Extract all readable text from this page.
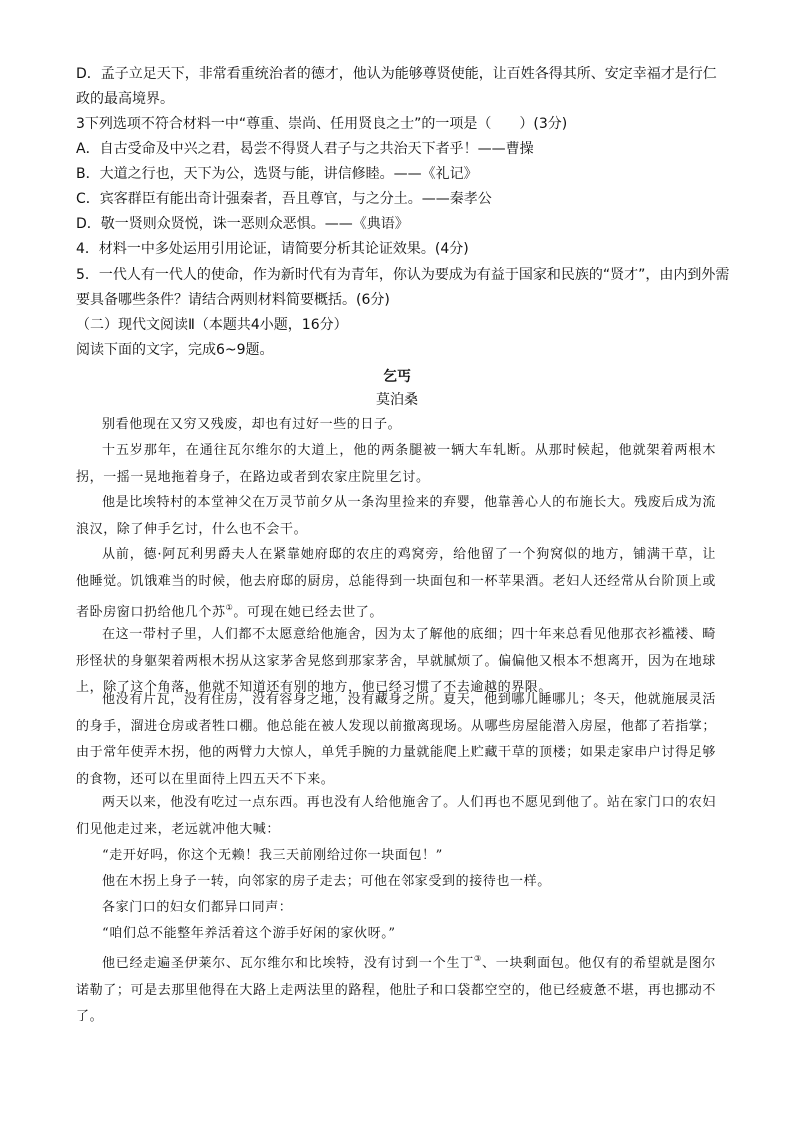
D．孟子立足天下，非常看重统治者的德才，他认为能够尊贤使能，让百姓各得其所、安定幸福才是行仁
政的最高境界。
3下列选项不符合材料一中“尊重、崇尚、任用贤良之士”的一项是（　　）(3分)
A．自古受命及中兴之君，曷尝不得贤人君子与之共治天下者乎！——曹操
B．大道之行也，天下为公，选贤与能，讲信修睦。——《礼记》
C．宾客群臣有能出奇计强秦者，吾且尊官，与之分土。——秦孝公
D．敬一贤则众贤悦，诛一恶则众恶惧。——《典语》
4．材料一中多处运用引用论证，请简要分析其论证效果。(4分)
5．一代人有一代人的使命，作为新时代有为青年，你认为要成为有益于国家和民族的“贤才”，由内到外需
要具备哪些条件？请结合两则材料简要概括。(6分)
（二）现代文阅读Ⅱ（本题共4小题，16分）
阅读下面的文字，完成6~9题。
乞丐
莫泊桑
别看他现在又穷又残废，却也有过好一些的日子。
十五岁那年，在通往瓦尔维尔的大道上，他的两条腿被一辆大车轧断。从那时候起，他就架着两根木拐，一摇一晃地拖着身子，在路边或者到农家庄院里乞讨。
他是比埃特村的本堂神父在万灵节前夕从一条沟里捡来的弃婴，他靠善心人的布施长大。残废后成为流浪汉，除了伸手乞讨，什么也不会干。
从前，德·阿瓦利男爵夫人在紧靠她府邸的农庄的鸡窝旁，给他留了一个狗窝似的地方，铺满干草，让他睡觉。饥饿难当的时候，他去府邸的厨房，总能得到一块面包和一杯苹果酒。老妇人还经常从台阶顶上或者卧房窗口扔给他几个苏①。可现在她已经去世了。
在这一带村子里，人们都不太愿意给他施舍，因为太了解他的底细；四十年来总看见他那衣衫褴褛、畸形怪状的身躯架着两根木拐从这家茅舍晃悠到那家茅舍，早就腻烦了。偏偏他又根本不想离开，因为在地球上，除了这个角落，他就不知道还有别的地方，他已经习惯了不去逾越的界限。
他没有片瓦，没有住房，没有容身之地，没有藏身之所。夏天，他到哪儿睡哪儿；冬天，他就施展灵活的身手，溜进仓房或者牲口棚。他总能在被人发现以前撤离现场。从哪些房屋能潜入房屋，他都了若指掌；由于常年使弄木拐，他的两臂力大惊人，单凭手腕的力量就能爬上贮藏干草的顶楼；如果走家串户讨得足够的食物，还可以在里面待上四五天不下来。
两天以来，他没有吃过一点东西。再也没有人给他施舍了。人们再也不愿见到他了。站在家门口的农妇们见他走过来，老远就冲他大喊：
“走开好吗，你这个无赖！我三天前刚给过你一块面包！”
他在木拐上身子一转，向邻家的房子走去；可他在邻家受到的接待也一样。
各家门口的妇女们都异口同声：
“咱们总不能整年养活着这个游手好闲的家伙呀。”
他已经走遍圣伊莱尔、瓦尔维尔和比埃特，没有讨到一个生丁③、一块剩面包。他仅有的希望就是图尔诺勒了；可是去那里他得在大路上走两法里的路程，他肚子和口袋都空空的，他已经疲惫不堪，再也挪动不了。
